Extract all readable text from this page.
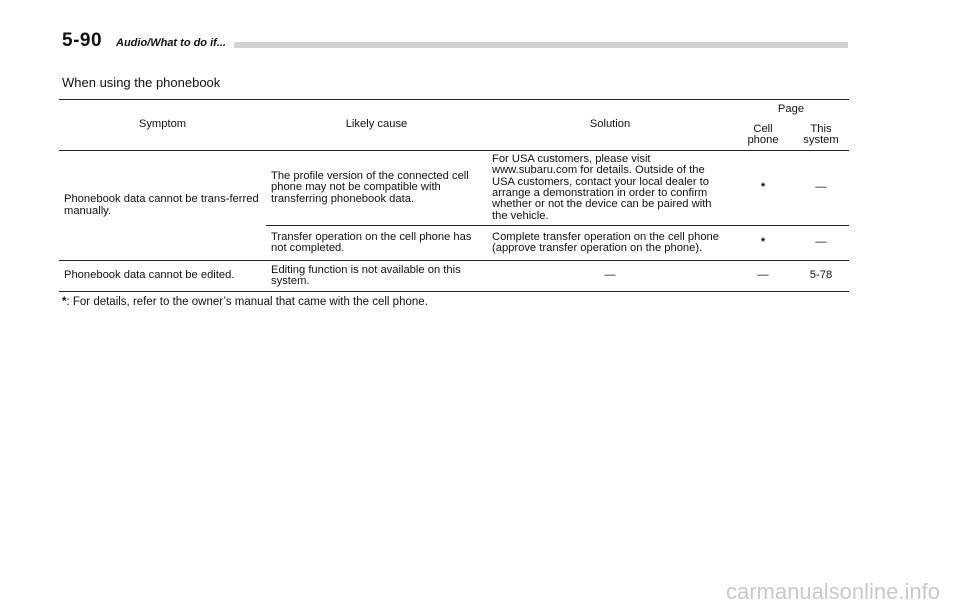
5-90 Audio/What to do if...
When using the phonebook
Symptom	Likely cause	Solution	Page	
			Cell phone	This system
Phonebook data cannot be trans-ferred manually.	The profile version of the connected cell phone may not be compatible with transferring phonebook data.	For USA customers, please visit www.subaru.com for details. Outside of the USA customers, contact your local dealer to arrange a demonstration in order to confirm whether or not the device can be paired with the vehicle.	*	—
	Transfer operation on the cell phone has not completed.	Complete transfer operation on the cell phone (approve transfer operation on the phone).	*	—
Phonebook data cannot be edited.	Editing function is not available on this system.	—	—	5-78
*: For details, refer to the owner’s manual that came with the cell phone.
carmanualsonline.info
